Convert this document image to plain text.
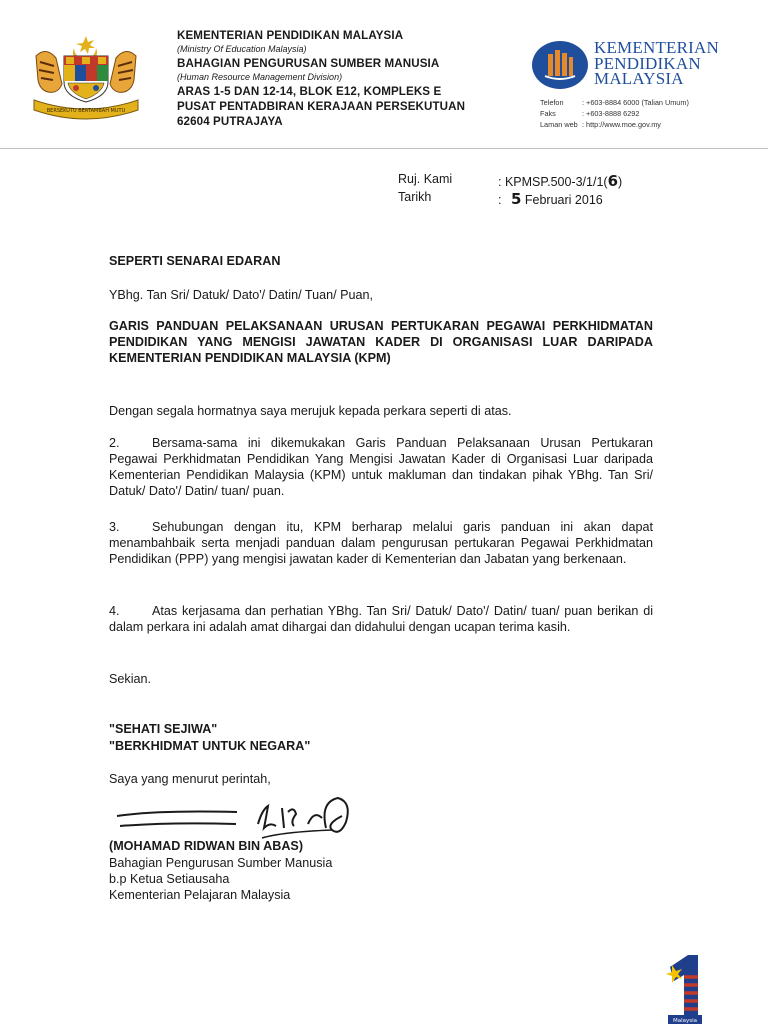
BERSEKUTU BERTAMBAH MUTU
KEMENTERIAN PENDIDIKAN MALAYSIA
(Ministry Of Education Malaysia)
BAHAGIAN PENGURUSAN SUMBER MANUSIA
(Human Resource Management Division)
ARAS 1-5 DAN 12-14, BLOK E12, KOMPLEKS E
PUSAT PENTADBIRAN KERAJAAN PERSEKUTUAN
62604 PUTRAJAYA
KEMENTERIAN
PENDIDIKAN
MALAYSIA
Telefon	: +603-8884 6000 (Talian Umum)
Faks	: +603-8888 6292
Laman web	: http://www.moe.gov.my
Ruj. Kami	: KPMSP.500-3/1/1(6)
Tarikh	: 5 Februari 2016
SEPERTI SENARAI EDARAN
YBhg. Tan Sri/ Datuk/ Dato'/ Datin/ Tuan/ Puan,
GARIS PANDUAN PELAKSANAAN URUSAN PERTUKARAN PEGAWAI PERKHIDMATAN PENDIDIKAN YANG MENGISI JAWATAN KADER DI ORGANISASI LUAR DARIPADA KEMENTERIAN PENDIDIKAN MALAYSIA (KPM)
Dengan segala hormatnya saya merujuk kepada perkara seperti di atas.
2.	Bersama-sama ini dikemukakan Garis Panduan Pelaksanaan Urusan Pertukaran Pegawai Perkhidmatan Pendidikan Yang Mengisi Jawatan Kader di Organisasi Luar daripada Kementerian Pendidikan Malaysia (KPM) untuk makluman dan tindakan pihak YBhg. Tan Sri/ Datuk/ Dato'/ Datin/ tuan/ puan.
3.	Sehubungan dengan itu, KPM berharap melalui garis panduan ini akan dapat menambahbaik serta menjadi panduan dalam pengurusan pertukaran Pegawai Perkhidmatan Pendidikan (PPP) yang mengisi jawatan kader di Kementerian dan Jabatan yang berkenaan.
4.	Atas kerjasama dan perhatian YBhg. Tan Sri/ Datuk/ Dato'/ Datin/ tuan/ puan berikan di dalam perkara ini adalah amat dihargai dan didahului dengan ucapan terima kasih.
Sekian.
"SEHATI SEJIWA"
"BERKHIDMAT UNTUK NEGARA"
Saya yang menurut perintah,
(MOHAMAD RIDWAN BIN ABAS)
Bahagian Pengurusan Sumber Manusia
b.p Ketua Setiausaha
Kementerian Pelajaran Malaysia
Malaysia
